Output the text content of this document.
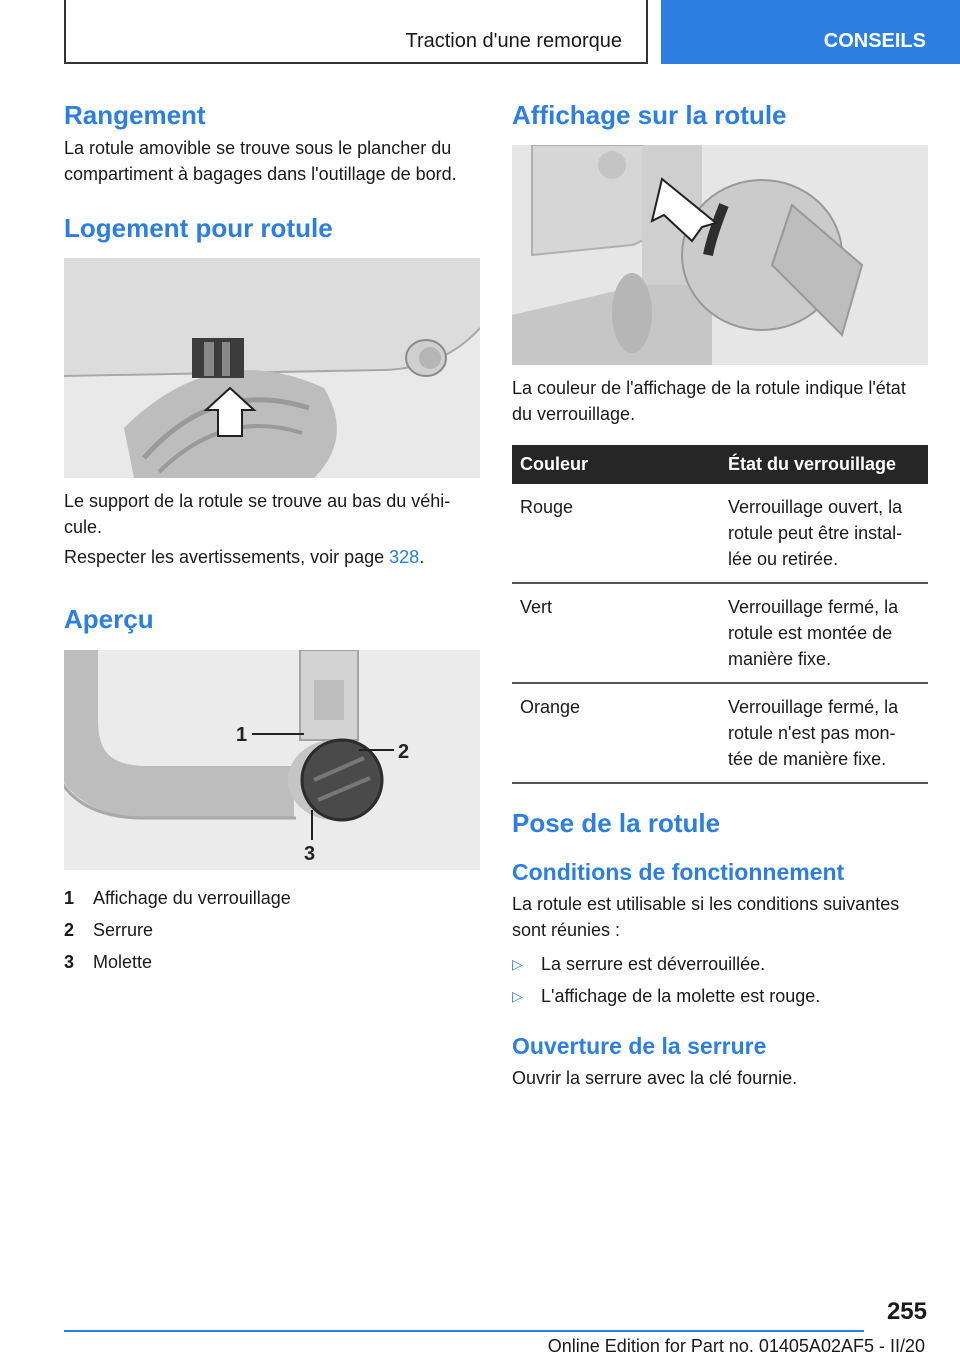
Traction d'une remorque	CONSEILS
Rangement

La rotule amovible se trouve sous le plancher du compartiment à bagages dans l'outillage de bord.

Logement pour rotule

Le support de la rotule se trouve au bas du véhi-cule.

Respecter les avertissements, voir page 328.

Aperçu
1
2
3
1	Affichage du verrouillage
2	Serrure
3	Molette
Affichage sur la rotule

La couleur de l'affichage de la rotule indique l'état du verrouillage.

Couleur	État du verrouillage
Rouge	Verrouillage ouvert, la rotule peut être instal-lée ou retirée.
Vert	Verrouillage fermé, la rotule est montée de manière fixe.
Orange	Verrouillage fermé, la rotule n'est pas mon-tée de manière fixe.
Pose de la rotule
Conditions de fonctionnement

La rotule est utilisable si les conditions suivantes sont réunies :

▷	La serrure est déverrouillée.
▷	L'affichage de la molette est rouge.
Ouverture de la serrure

Ouvrir la serrure avec la clé fournie.

255
Online Edition for Part no. 01405A02AF5 - II/20
